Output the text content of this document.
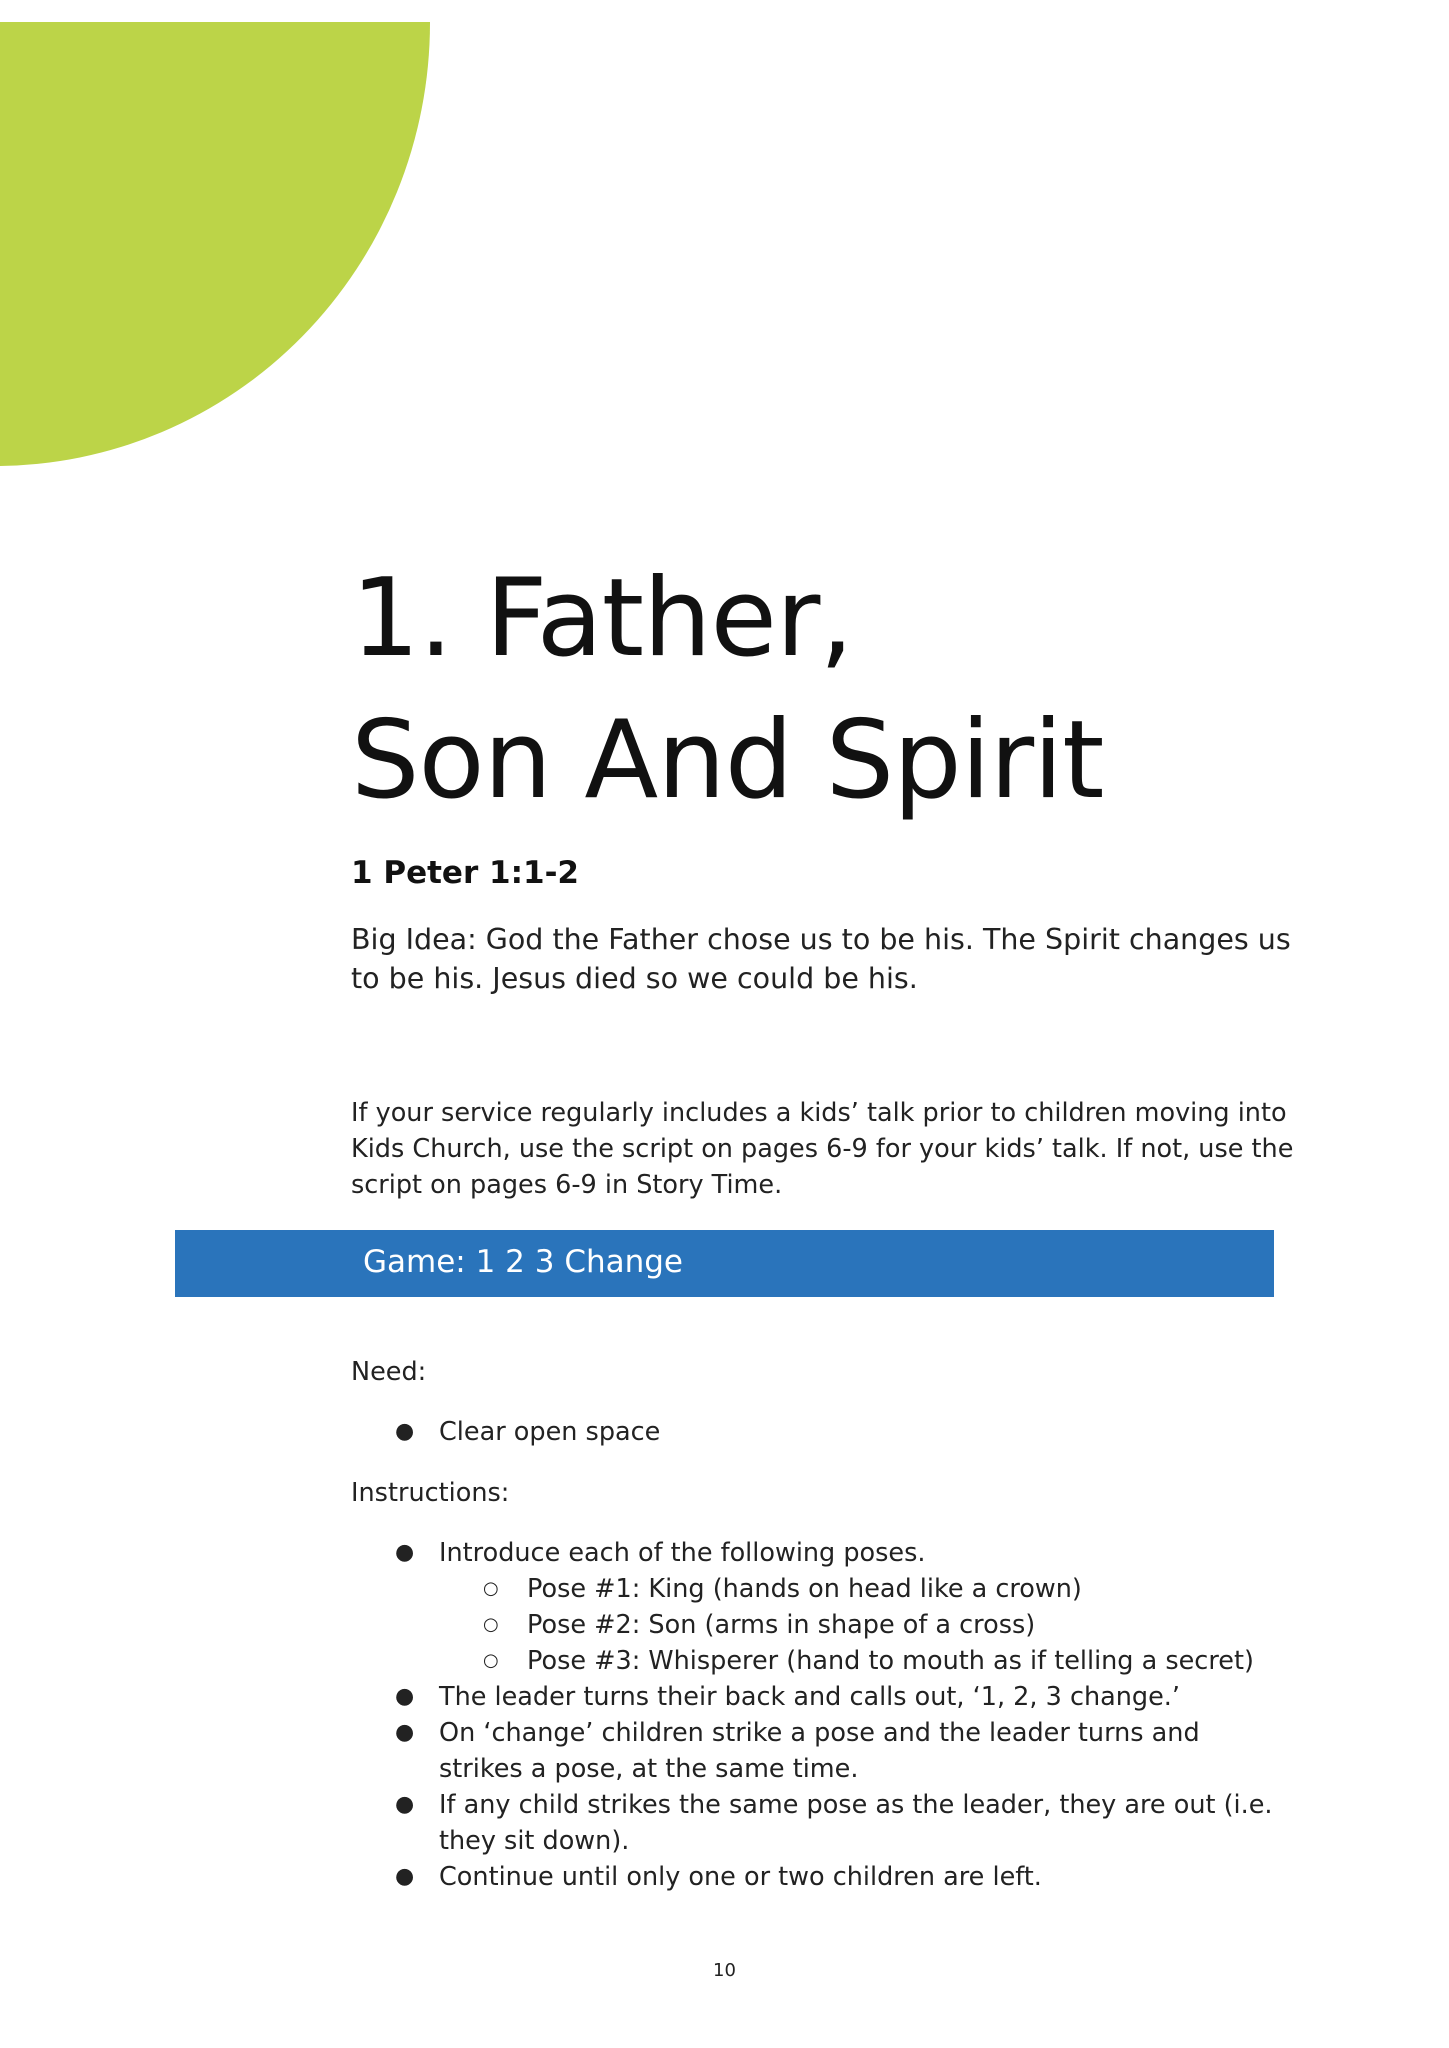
1. Father,
Son And Spirit

1 Peter 1:1-2

Big Idea: God the Father chose us to be his. The Spirit changes us to be his. Jesus died so we could be his.

If your service regularly includes a kids’ talk prior to children moving into Kids Church, use the script on pages 6-9 for your kids’ talk. If not, use the script on pages 6-9 in Story Time.

Game: 1 2 3 Change

Need:

● Clear open space

Instructions:

● Introduce each of the following poses.
○ Pose #1: King (hands on head like a crown)
○ Pose #2: Son (arms in shape of a cross)
○ Pose #3: Whisperer (hand to mouth as if telling a secret)
● The leader turns their back and calls out, ‘1, 2, 3 change.’
● On ‘change’ children strike a pose and the leader turns and strikes a pose, at the same time.
● If any child strikes the same pose as the leader, they are out (i.e. they sit down).
● Continue until only one or two children are left.
10
